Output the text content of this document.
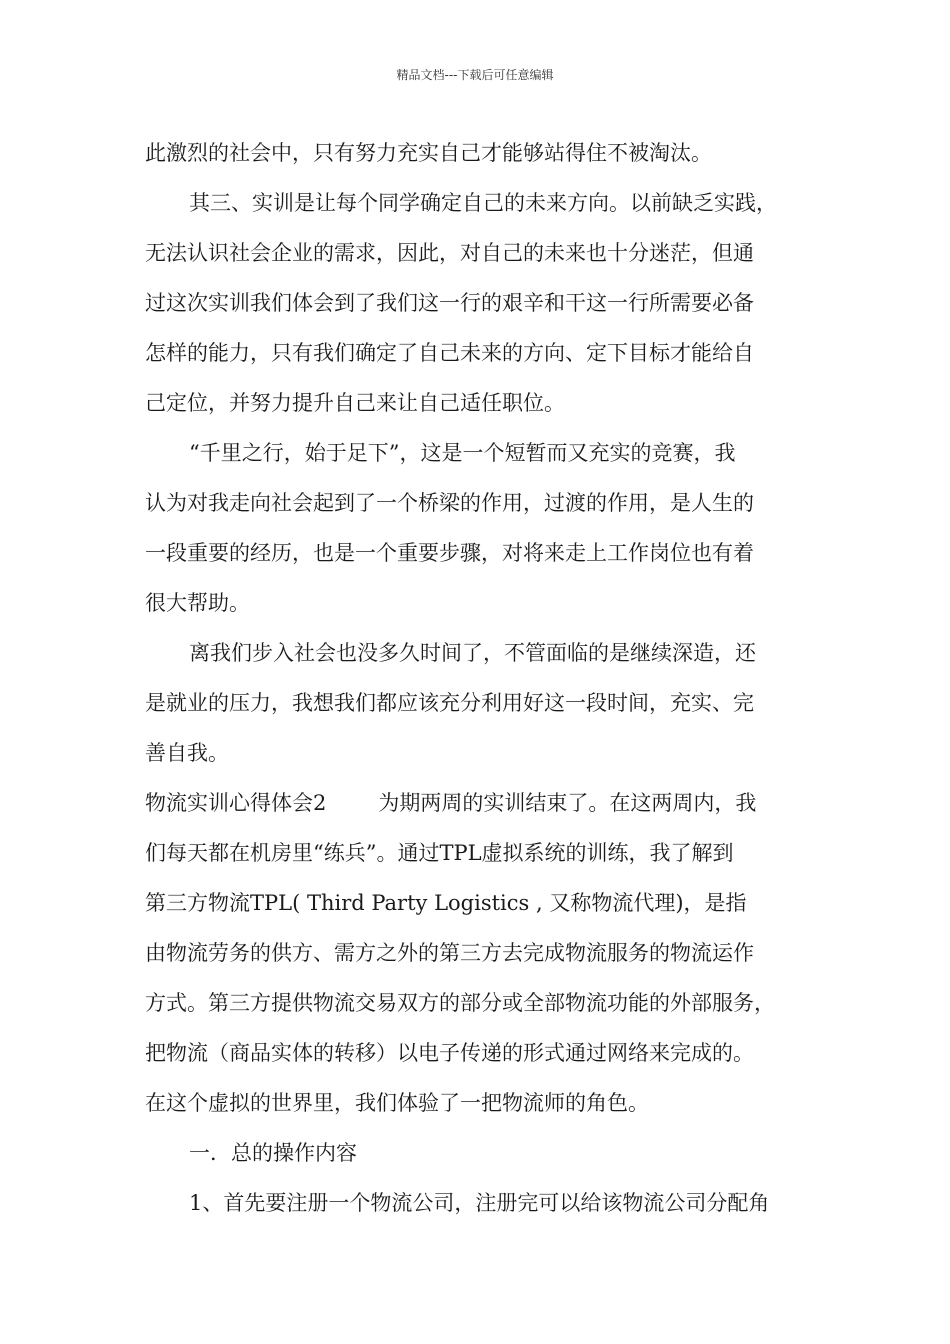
精品文档---下载后可任意编辑
此激烈的社会中，只有努力充实自己才能够站得住不被淘汰。
其三、实训是让每个同学确定自己的未来方向。以前缺乏实践，
无法认识社会企业的需求，因此，对自己的未来也十分迷茫，但通
过这次实训我们体会到了我们这一行的艰辛和干这一行所需要必备
怎样的能力，只有我们确定了自己未来的方向、定下目标才能给自
己定位，并努力提升自己来让自己适任职位。
“千里之行，始于足下”，这是一个短暂而又充实的竞赛，我
认为对我走向社会起到了一个桥梁的作用，过渡的作用，是人生的
一段重要的经历，也是一个重要步骤，对将来走上工作岗位也有着
很大帮助。
离我们步入社会也没多久时间了，不管面临的是继续深造，还
是就业的压力，我想我们都应该充分利用好这一段时间，充实、完
善自我。
物流实训心得体会2 为期两周的实训结束了。在这两周内，我
们每天都在机房里“练兵”。通过TPL虚拟系统的训练，我了解到
第三方物流TPL( Third Party Logistics , 又称物流代理)，是指
由物流劳务的供方、需方之外的第三方去完成物流服务的物流运作
方式。第三方提供物流交易双方的部分或全部物流功能的外部服务，
把物流（商品实体的转移）以电子传递的形式通过网络来完成的。
在这个虚拟的世界里，我们体验了一把物流师的角色。
一．总的操作内容
1、首先要注册一个物流公司，注册完可以给该物流公司分配角
